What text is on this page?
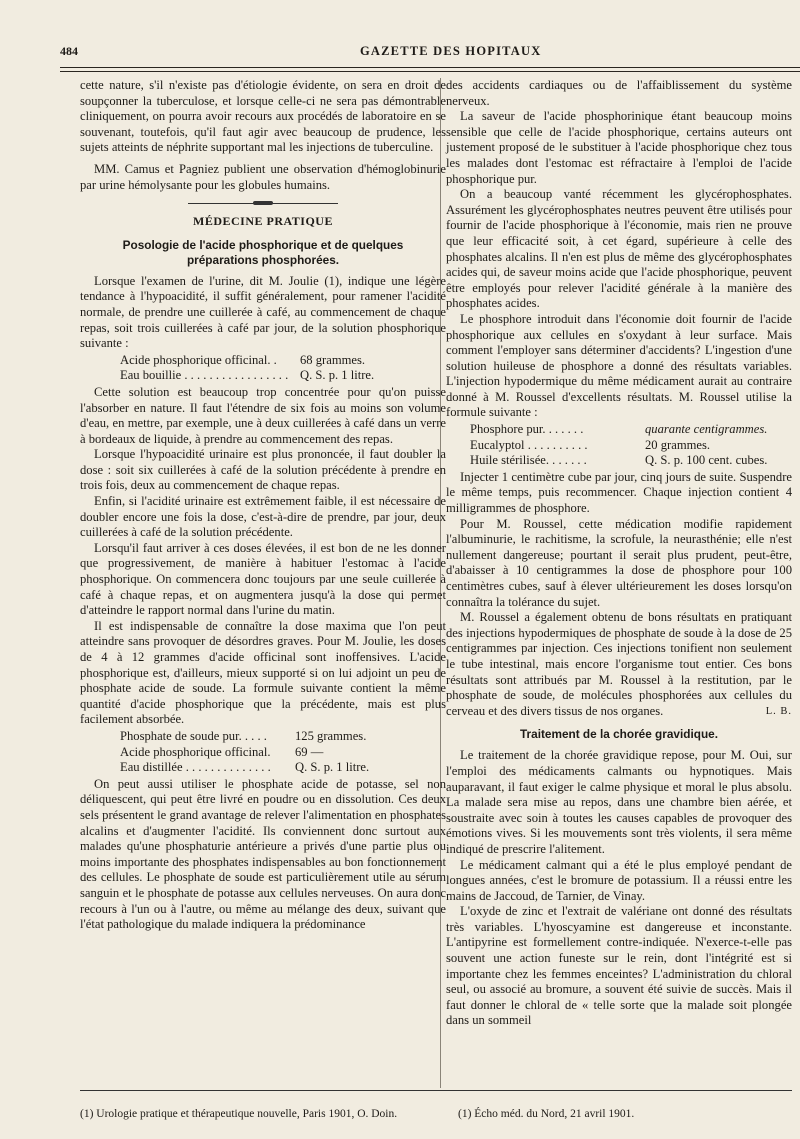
484	GAZETTE DES HOPITAUX

cette nature, s'il n'existe pas d'étiologie évidente, on sera en droit de soupçonner la tuberculose, et lorsque celle-ci ne sera pas démontrable cliniquement, on pourra avoir recours aux procédés de laboratoire en se souvenant, toutefois, qu'il faut agir avec beaucoup de prudence, les sujets atteints de néphrite supportant mal les injections de tuberculine.

MM. Camus et Pagniez publient une observation d'hémoglobinurie par urine hémolysante pour les globules humains.

MÉDECINE PRATIQUE
Posologie de l'acide phosphorique et de quelques préparations phosphorées.

Lorsque l'examen de l'urine, dit M. Joulie (1), indique une légère tendance à l'hypoacidité, il suffit généralement, pour ramener l'acidité normale, de prendre une cuillerée à café, au commencement de chaque repas, soit trois cuillerées à café par jour, de la solution phosphorique suivante :

Acide phosphorique officinal. .	68 grammes.
Eau bouillie . . . . . . . . . . . . . . . . . Q. S. p. 1 litre.

Cette solution est beaucoup trop concentrée pour qu'on puisse l'absorber en nature. Il faut l'étendre de six fois au moins son volume d'eau, en mettre, par exemple, une à deux cuillerées à café dans un verre à bordeaux de liquide, à prendre au commencement des repas.

Lorsque l'hypoacidité urinaire est plus prononcée, il faut doubler la dose : soit six cuillerées à café de la solution précédente à prendre en trois fois, deux au commencement de chaque repas.

Enfin, si l'acidité urinaire est extrêmement faible, il est nécessaire de doubler encore une fois la dose, c'est-à-dire de prendre, par jour, deux cuillerées à café de la solution précédente.

Lorsqu'il faut arriver à ces doses élevées, il est bon de ne les donner que progressivement, de manière à habituer l'estomac à l'acide phosphorique. On commencera donc toujours par une seule cuillerée à café à chaque repas, et on augmentera jusqu'à la dose qui permet d'atteindre le rapport normal dans l'urine du matin.

Il est indispensable de connaître la dose maxima que l'on peut atteindre sans provoquer de désordres graves. Pour M. Joulie, les doses de 4 à 12 grammes d'acide officinal sont inoffensives. L'acide phosphorique est, d'ailleurs, mieux supporté si on lui adjoint un peu de phosphate acide de soude. La formule suivante contient la même quantité d'acide phosphorique que la précédente, mais est plus facilement absorbée.

Phosphate de soude pur. . . . .	125 grammes.
Acide phosphorique officinal.	69 —
Eau distillée . . . . . . . . . . . . . .	Q. S. p. 1 litre.

On peut aussi utiliser le phosphate acide de potasse, sel non déliquescent, qui peut être livré en poudre ou en dissolution. Ces deux sels présentent le grand avantage de relever l'alimentation en phosphates alcalins et d'augmenter l'acidité. Ils conviennent donc surtout aux malades qu'une phosphaturie antérieure a privés d'une partie plus ou moins importante des phosphates indispensables au bon fonctionnement des cellules. Le phosphate de soude est particulièrement utile au sérum sanguin et le phosphate de potasse aux cellules nerveuses. On aura donc recours à l'un ou à l'autre, ou même au mélange des deux, suivant que l'état pathologique du malade indiquera la prédominance

des accidents cardiaques ou de l'affaiblissement du système nerveux.

La saveur de l'acide phosphorinique étant beaucoup moins sensible que celle de l'acide phosphorique, certains auteurs ont justement proposé de le substituer à l'acide phosphorique chez tous les malades dont l'estomac est réfractaire à l'emploi de l'acide phosphorique pur.

On a beaucoup vanté récemment les glycérophosphates. Assurément les glycérophosphates neutres peuvent être utilisés pour fournir de l'acide phosphorique à l'économie, mais rien ne prouve que leur efficacité soit, à cet égard, supérieure à celle des phosphates alcalins. Il n'en est plus de même des glycérophosphates acides qui, de saveur moins acide que l'acide phosphorique, peuvent être employés pour relever l'acidité générale à la manière des phosphates acides.

Le phosphore introduit dans l'économie doit fournir de l'acide phosphorique aux cellules en s'oxydant à leur surface. Mais comment l'employer sans déterminer d'accidents? L'ingestion d'une solution huileuse de phosphore a donné des résultats variables. L'injection hypodermique du même médicament aurait au contraire donné à M. Roussel d'excellents résultats. M. Roussel utilise la formule suivante :

Phosphore pur. . . . . . .	quarante centigrammes.
Eucalyptol . . . . . . . . . .	20 grammes.
Huile stérilisée. . . . . . .	Q. S. p. 100 cent. cubes.

Injecter 1 centimètre cube par jour, cinq jours de suite. Suspendre le même temps, puis recommencer. Chaque injection contient 4 milligrammes de phosphore.

Pour M. Roussel, cette médication modifie rapidement l'albuminurie, le rachitisme, la scrofule, la neurasthénie; elle n'est nullement dangereuse; pourtant il serait plus prudent, peut-être, d'abaisser à 10 centigrammes la dose de phosphore pour 100 centimètres cubes, sauf à élever ultérieurement les doses lorsqu'on connaîtra la tolérance du sujet.

M. Roussel a également obtenu de bons résultats en pratiquant des injections hypodermiques de phosphate de soude à la dose de 25 centigrammes par injection. Ces injections tonifient non seulement le tube intestinal, mais encore l'organisme tout entier. Ces bons résultats sont attribués par M. Roussel à la restitution, par le phosphate de soude, de molécules phosphorées aux cellules du cerveau et des divers tissus de nos organes.	L. B.

Traitement de la chorée gravidique.

Le traitement de la chorée gravidique repose, pour M. Oui, sur l'emploi des médicaments calmants ou hypnotiques. Mais auparavant, il faut exiger le calme physique et moral le plus absolu. La malade sera mise au repos, dans une chambre bien aérée, et soustraite avec soin à toutes les causes capables de provoquer des émotions vives. Si les mouvements sont très violents, il sera même indiqué de prescrire l'alitement.

Le médicament calmant qui a été le plus employé pendant de longues années, c'est le bromure de potassium. Il a réussi entre les mains de Jaccoud, de Tarnier, de Vinay.

L'oxyde de zinc et l'extrait de valériane ont donné des résultats très variables. L'hyoscyamine est dangereuse et inconstante. L'antipyrine est formellement contre-indiquée. N'exerce-t-elle pas souvent une action funeste sur le rein, dont l'intégrité est si importante chez les femmes enceintes? L'administration du chloral seul, ou associé au bromure, a souvent été suivie de succès. Mais il faut donner le chloral de « telle sorte que la malade soit plongée dans un sommeil

(1) Urologie pratique et thérapeutique nouvelle, Paris 1901, O. Doin.	(1) Écho méd. du Nord, 21 avril 1901.
